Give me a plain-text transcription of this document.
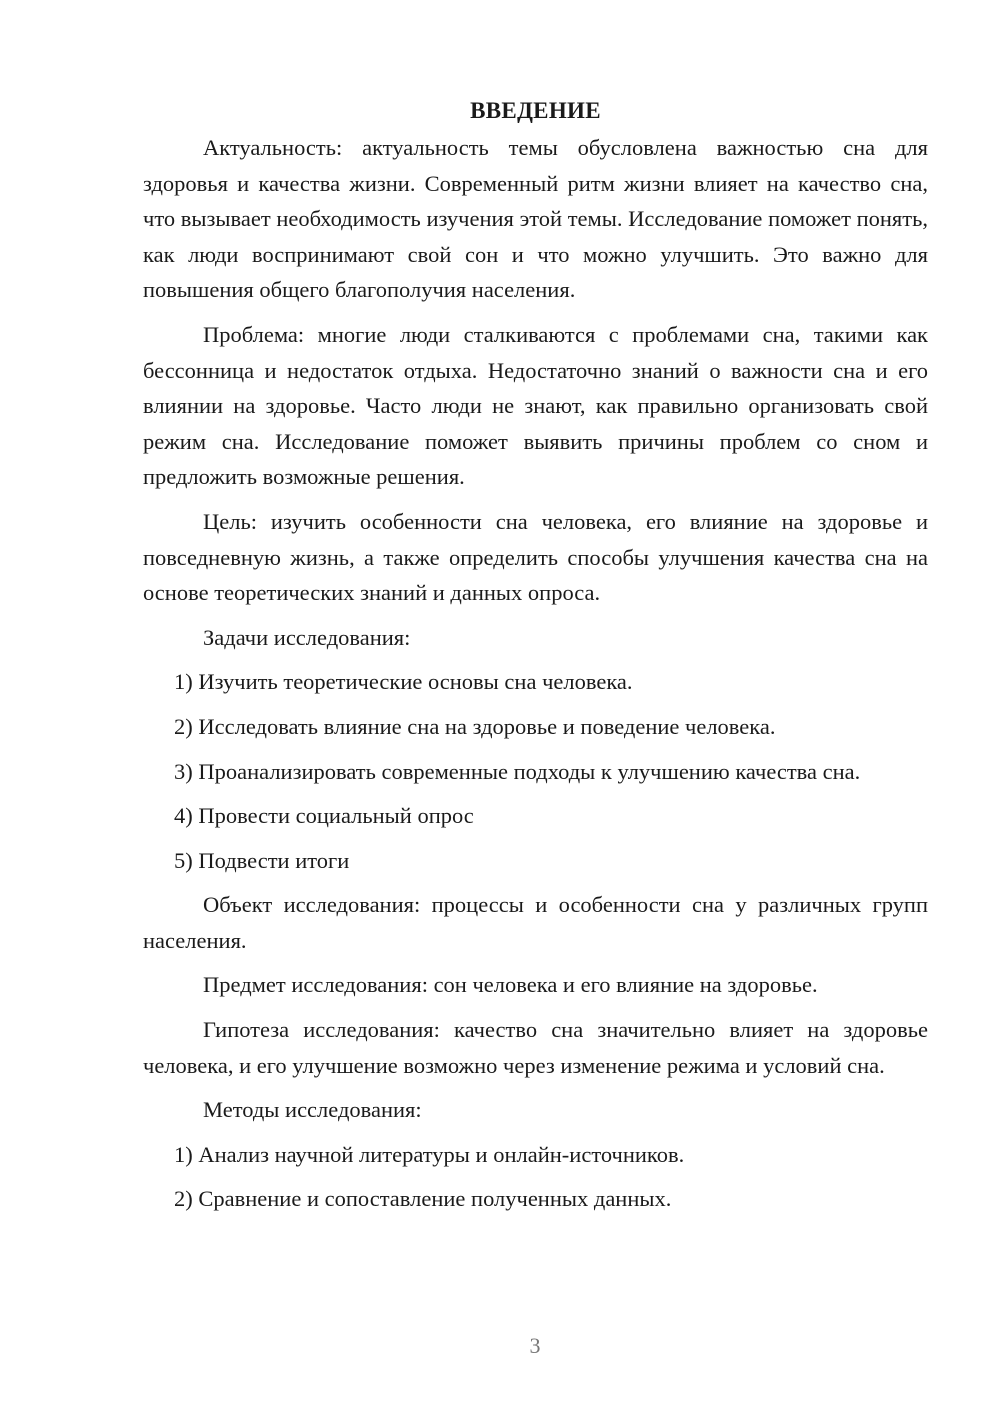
ВВЕДЕНИЕ

Актуальность: актуальность темы обусловлена важностью сна для здоровья и качества жизни. Современный ритм жизни влияет на качество сна, что вызывает необходимость изучения этой темы. Исследование поможет понять, как люди воспринимают свой сон и что можно улучшить. Это важно для повышения общего благополучия населения.

Проблема: многие люди сталкиваются с проблемами сна, такими как бессонница и недостаток отдыха. Недостаточно знаний о важности сна и его влиянии на здоровье. Часто люди не знают, как правильно организовать свой режим сна. Исследование поможет выявить причины проблем со сном и предложить возможные решения.

Цель: изучить особенности сна человека, его влияние на здоровье и повседневную жизнь, а также определить способы улучшения качества сна на основе теоретических знаний и данных опроса.

Задачи исследования:

1) Изучить теоретические основы сна человека.

2) Исследовать влияние сна на здоровье и поведение человека.

3) Проанализировать современные подходы к улучшению качества сна.

4) Провести социальный опрос

5) Подвести итоги

Объект исследования: процессы и особенности сна у различных групп населения.

Предмет исследования: сон человека и его влияние на здоровье.

Гипотеза исследования: качество сна значительно влияет на здоровье человека, и его улучшение возможно через изменение режима и условий сна.

Методы исследования:

1) Анализ научной литературы и онлайн-источников.

2) Сравнение и сопоставление полученных данных.

3
